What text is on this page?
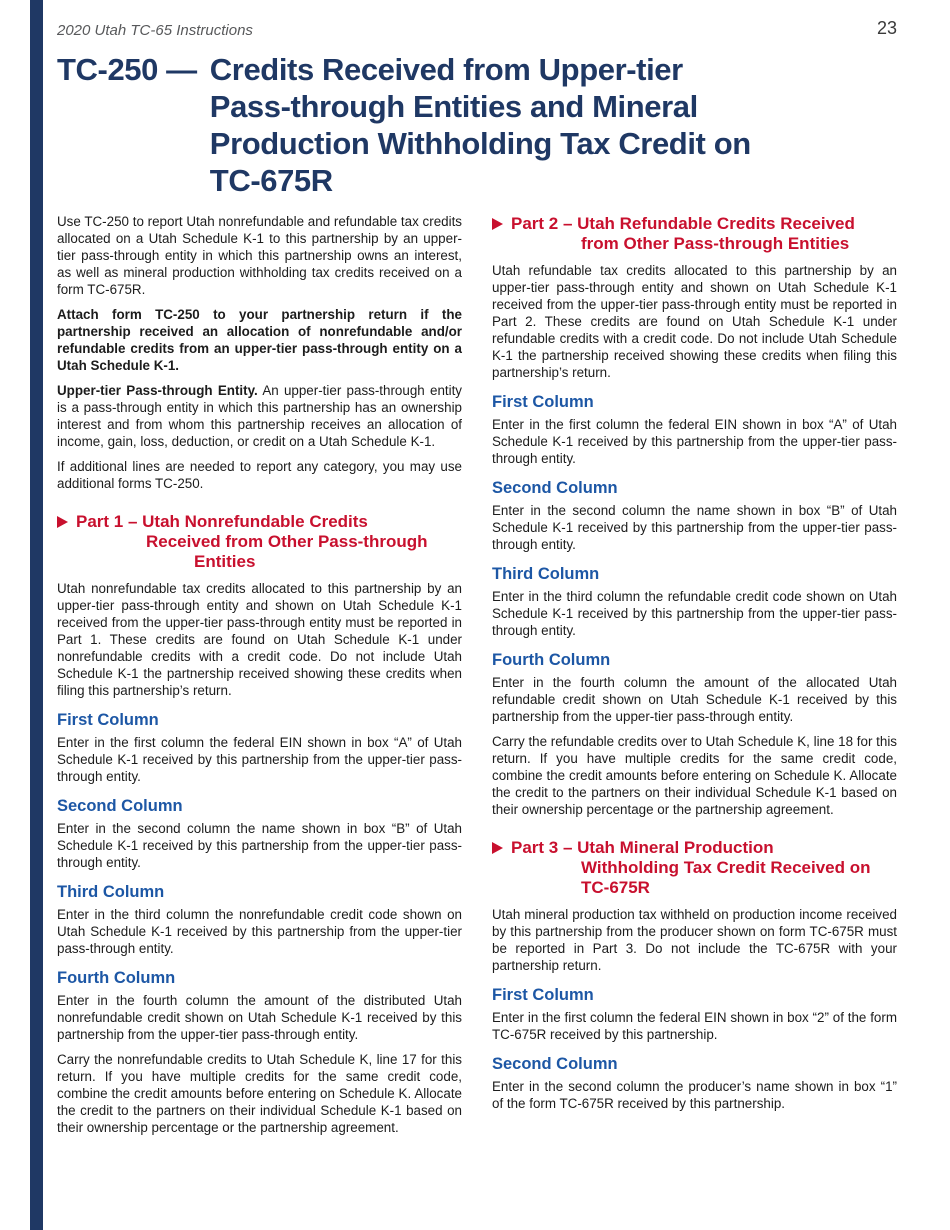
2020 Utah TC-65 Instructions	23
TC-250 — Credits Received from Upper-tier
Pass-through Entities and Mineral
Production Withholding Tax Credit on
TC-675R

Use TC-250 to report Utah nonrefundable and refundable tax credits allocated on a Utah Schedule K-1 to this partnership by an upper-tier pass-through entity in which this partnership owns an interest, as well as mineral production withholding tax credits received on a form TC-675R.

Attach form TC-250 to your partnership return if the partnership received an allocation of nonrefundable and/or refundable credits from an upper-tier pass-through entity on a Utah Schedule K-1.

Upper-tier Pass-through Entity. An upper-tier pass-through entity is a pass-through entity in which this partnership has an ownership interest and from whom this partnership receives an allocation of income, gain, loss, deduction, or credit on a Utah Schedule K-1.

If additional lines are needed to report any category, you may use additional forms TC-250.

Part 1 – Utah Nonrefundable Credits
Received from Other Pass-through
Entities

Utah nonrefundable tax credits allocated to this partnership by an upper-tier pass-through entity and shown on Utah Schedule K-1 received from the upper-tier pass-through entity must be reported in Part 1. These credits are found on Utah Schedule K-1 under nonrefundable credits with a credit code. Do not include Utah Schedule K-1 the partnership received showing these credits when filing this partnership’s return.

First Column

Enter in the first column the federal EIN shown in box “A” of Utah Schedule K-1 received by this partnership from the upper-tier pass-through entity.

Second Column

Enter in the second column the name shown in box “B” of Utah Schedule K-1 received by this partnership from the upper-tier pass-through entity.

Third Column

Enter in the third column the nonrefundable credit code shown on Utah Schedule K-1 received by this partnership from the upper-tier pass-through entity.

Fourth Column

Enter in the fourth column the amount of the distributed Utah nonrefundable credit shown on Utah Schedule K-1 received by this partnership from the upper-tier pass-through entity.

Carry the nonrefundable credits to Utah Schedule K, line 17 for this return. If you have multiple credits for the same credit code, combine the credit amounts before entering on Schedule K. Allocate the credit to the partners on their individual Schedule K-1 based on their ownership percentage or the partnership agreement.

Part 2 – Utah Refundable Credits Received
from Other Pass-through Entities

Utah refundable tax credits allocated to this partnership by an upper-tier pass-through entity and shown on Utah Schedule K-1 received from the upper-tier pass-through entity must be reported in Part 2. These credits are found on Utah Schedule K-1 under refundable credits with a credit code. Do not include Utah Schedule K-1 the partnership received showing these credits when filing this partnership’s return.

First Column

Enter in the first column the federal EIN shown in box “A” of Utah Schedule K-1 received by this partnership from the upper-tier pass-through entity.

Second Column

Enter in the second column the name shown in box “B” of Utah Schedule K-1 received by this partnership from the upper-tier pass-through entity.

Third Column

Enter in the third column the refundable credit code shown on Utah Schedule K-1 received by this partnership from the upper-tier pass-through entity.

Fourth Column

Enter in the fourth column the amount of the allocated Utah refundable credit shown on Utah Schedule K-1 received by this partnership from the upper-tier pass-through entity.

Carry the refundable credits over to Utah Schedule K, line 18 for this return. If you have multiple credits for the same credit code, combine the credit amounts before entering on Schedule K. Allocate the credit to the partners on their individual Schedule K-1 based on their ownership percentage or the partnership agreement.

Part 3 – Utah Mineral Production
Withholding Tax Credit Received on
TC-675R

Utah mineral production tax withheld on production income received by this partnership from the producer shown on form TC-675R must be reported in Part 3. Do not include the TC-675R with your partnership return.

First Column

Enter in the first column the federal EIN shown in box “2” of the form TC-675R received by this partnership.

Second Column

Enter in the second column the producer’s name shown in box “1” of the form TC-675R received by this partnership.
